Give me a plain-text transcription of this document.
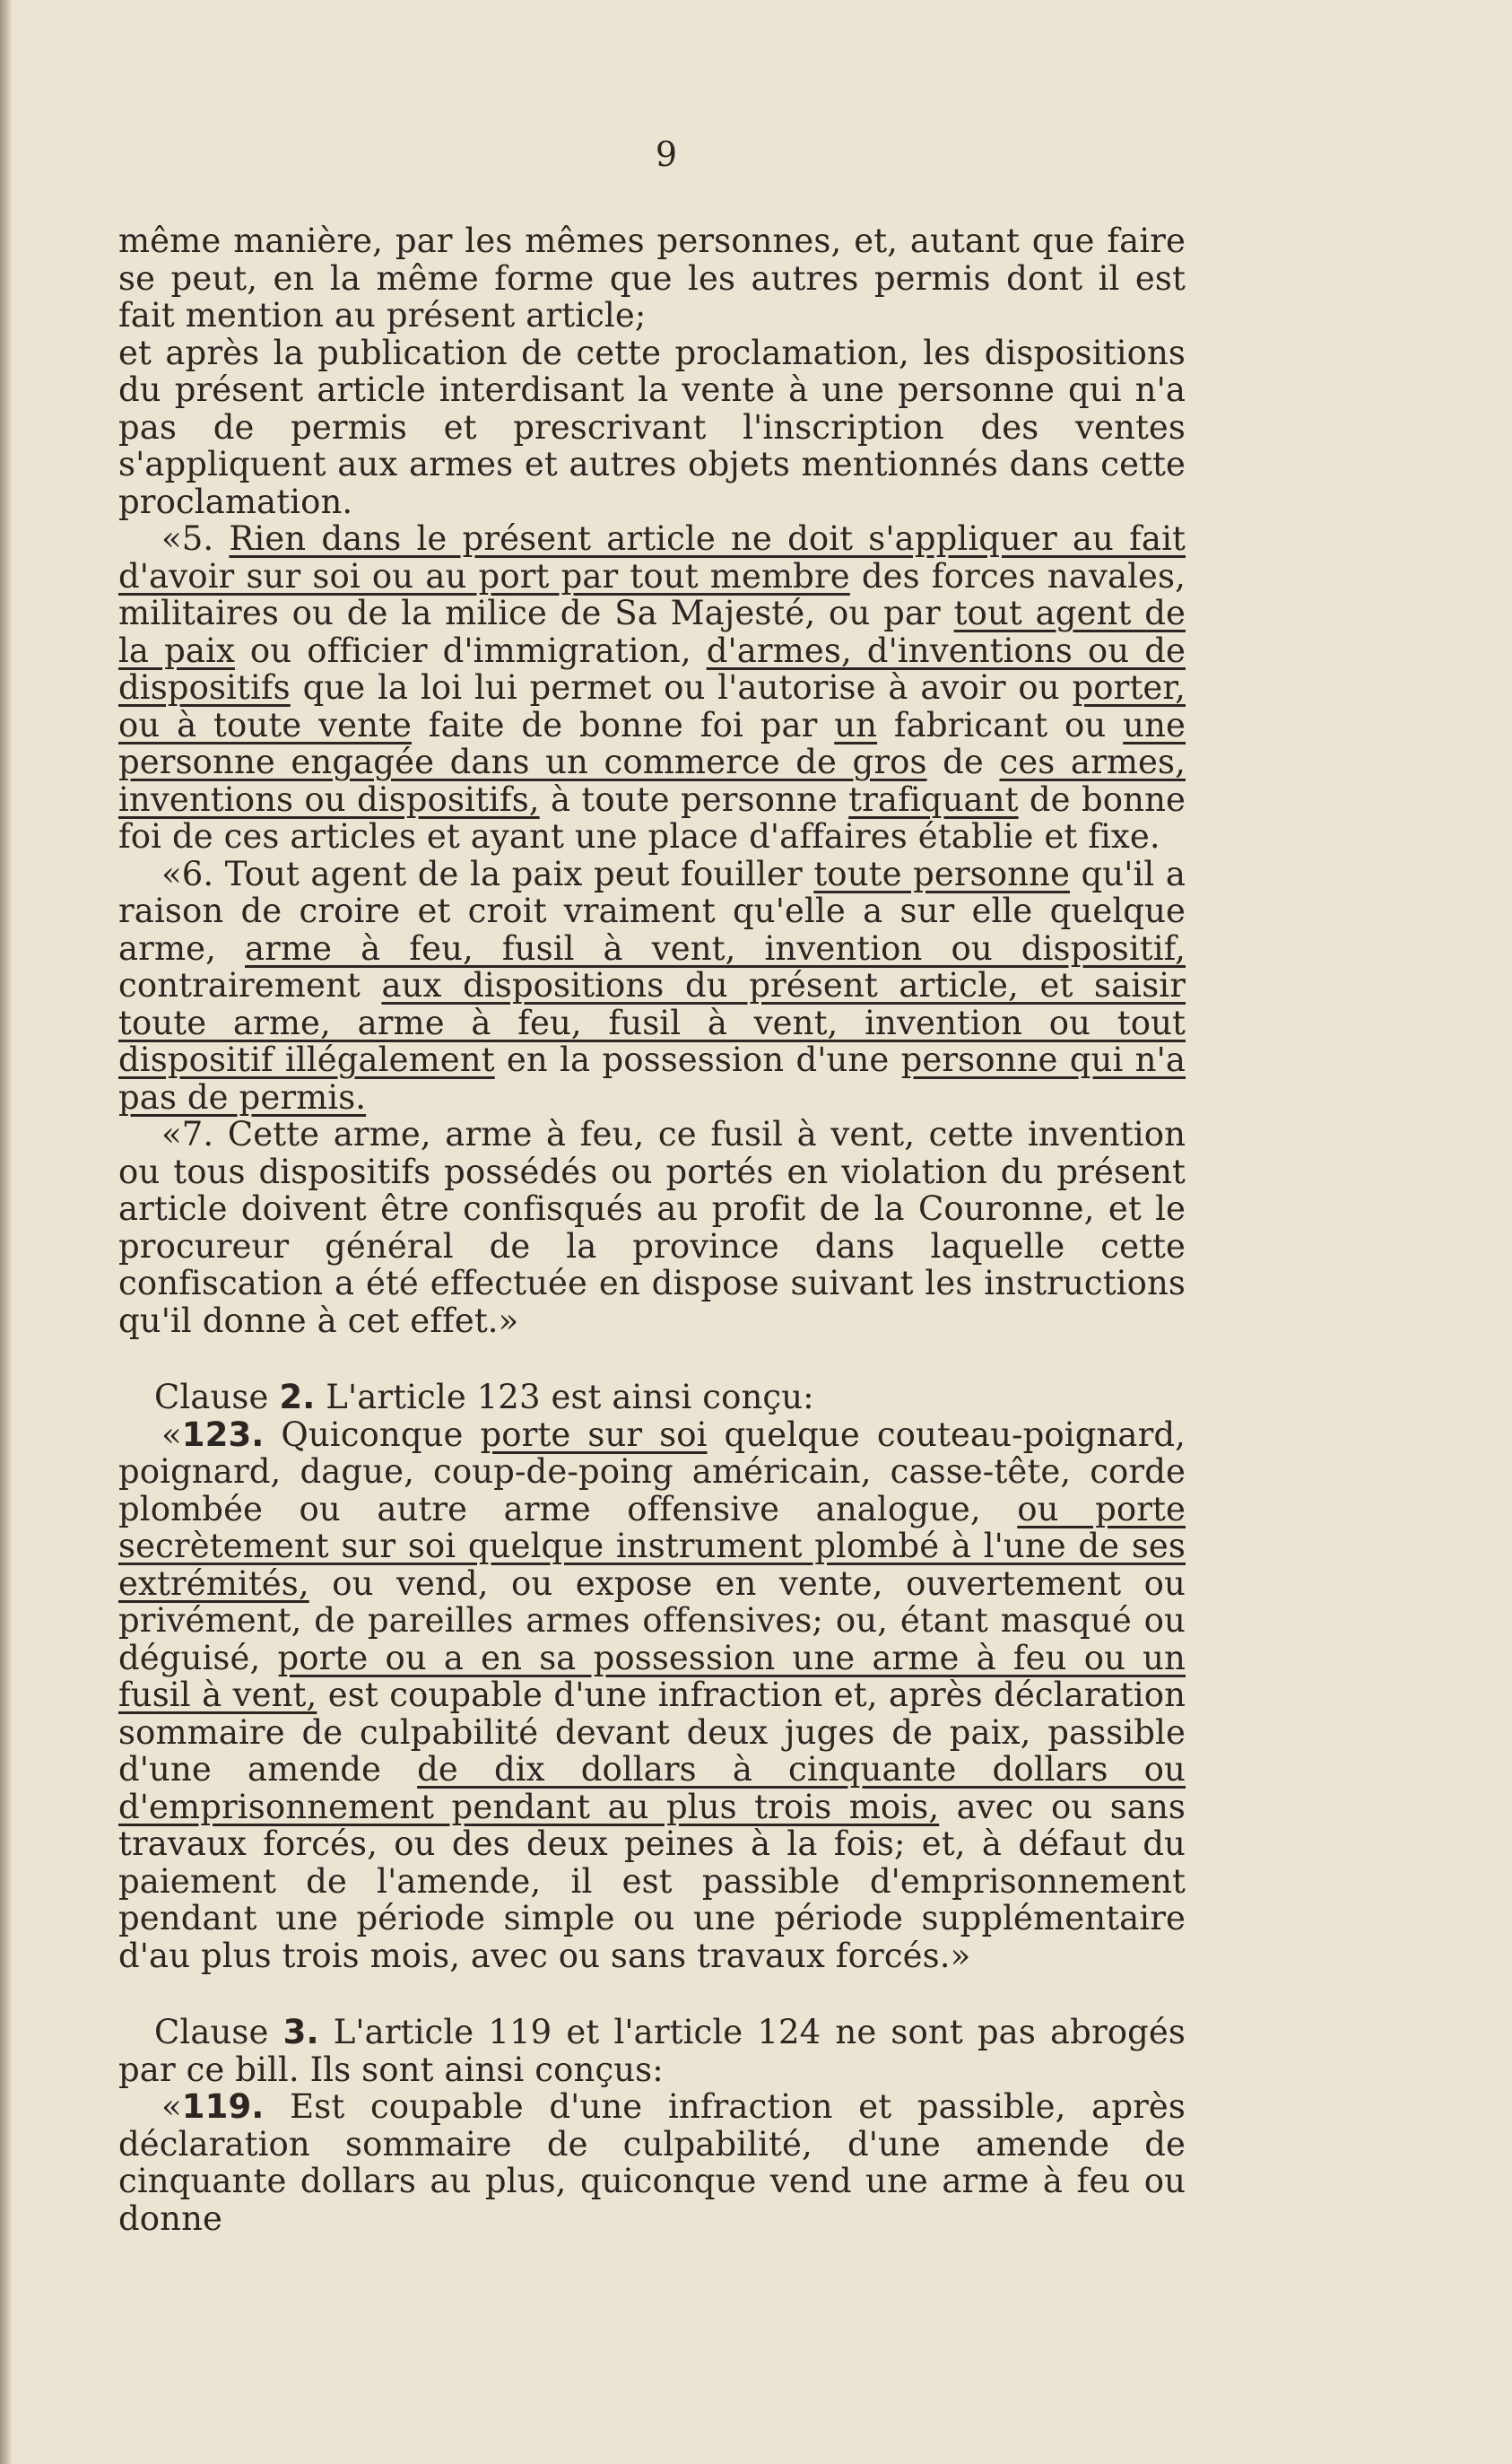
9

même manière, par les mêmes personnes, et, autant que faire se peut, en la même forme que les autres permis dont il est fait mention au présent article;

et après la publication de cette proclamation, les dispositions du présent article interdisant la vente à une personne qui n'a pas de permis et prescrivant l'inscription des ventes s'appliquent aux armes et autres objets mentionnés dans cette proclamation.

«5. Rien dans le présent article ne doit s'appliquer au fait d'avoir sur soi ou au port par tout membre des forces navales, militaires ou de la milice de Sa Majesté, ou par tout agent de la paix ou officier d'immigration, d'armes, d'inventions ou de dispositifs que la loi lui permet ou l'autorise à avoir ou porter, ou à toute vente faite de bonne foi par un fabricant ou une personne engagée dans un commerce de gros de ces armes, inventions ou dispositifs, à toute personne trafiquant de bonne foi de ces articles et ayant une place d'affaires établie et fixe.

«6. Tout agent de la paix peut fouiller toute personne qu'il a raison de croire et croit vraiment qu'elle a sur elle quelque arme, arme à feu, fusil à vent, invention ou dispositif, contrairement aux dispositions du présent article, et saisir toute arme, arme à feu, fusil à vent, invention ou tout dispositif illégalement en la possession d'une personne qui n'a pas de permis.

«7. Cette arme, arme à feu, ce fusil à vent, cette invention ou tous dispositifs possédés ou portés en violation du présent article doivent être confisqués au profit de la Couronne, et le procureur général de la province dans laquelle cette confiscation a été effectuée en dispose suivant les instructions qu'il donne à cet effet.»

Clause 2. L'article 123 est ainsi conçu:

«123. Quiconque porte sur soi quelque couteau-poignard, poignard, dague, coup-de-poing américain, casse-tête, corde plombée ou autre arme offensive analogue, ou porte secrètement sur soi quelque instrument plombé à l'une de ses extrémités, ou vend, ou expose en vente, ouvertement ou privément, de pareilles armes offensives; ou, étant masqué ou déguisé, porte ou a en sa possession une arme à feu ou un fusil à vent, est coupable d'une infraction et, après déclaration sommaire de culpabilité devant deux juges de paix, passible d'une amende de dix dollars à cinquante dollars ou d'emprisonnement pendant au plus trois mois, avec ou sans travaux forcés, ou des deux peines à la fois; et, à défaut du paiement de l'amende, il est passible d'emprisonnement pendant une période simple ou une période supplémentaire d'au plus trois mois, avec ou sans travaux forcés.»

Clause 3. L'article 119 et l'article 124 ne sont pas abrogés par ce bill. Ils sont ainsi conçus:

«119. Est coupable d'une infraction et passible, après déclaration sommaire de culpabilité, d'une amende de cinquante dollars au plus, quiconque vend une arme à feu ou donne
